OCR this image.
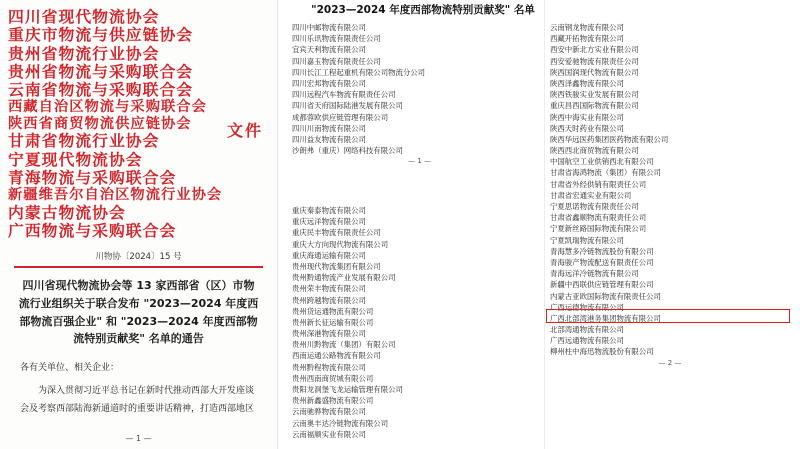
四川省现代物流协会
重庆市物流与供应链协会
贵州省物流行业协会
贵州省物流与采购联合会
云南省物流与采购联合会
西藏自治区物流与采购联合会
陕西省商贸物流供应链协会
甘肃省物流行业协会
宁夏现代物流协会
青海物流与采购联合会
新疆维吾尔自治区物流行业协会
内蒙古物流协会
广西物流与采购联合会
文件
川物协〔2024〕15 号
四川省现代物流协会等 13 家西部省（区）市物流行业组织关于联合发布 "2023—2024 年度西部物流百强企业" 和 "2023—2024 年度西部物流特别贡献奖" 名单的通告

各有关单位、相关企业：

为深入贯彻习近平总书记在新时代推动西部大开发座谈会及考察西部陆海新通道时的重要讲话精神，打造西部地区

— 1 —
"2023—2024 年度西部物流特别贡献奖" 名单
四川中邮物流有限公司
四川乐讯物流有限责任公司
宜宾天利物流有限公司
四川嘉玉物流有限责任公司
四川长江工程起重机有限公司物流分公司
四川宏邦物流有限公司
四川远程汽车物流有限责任公司
四川省天府国际陆港发展有限公司
成都蓉欧供应链管理有限公司
四川川南物流有限公司
四川益友物流有限公司
沙朗弗（重庆）网络科技有限公司
— 1 —
重庆秦泰物流有限公司
重庆远洋物流有限公司
重庆民丰物流有限责任公司
重庆大方向现代物流有限公司
重庆海通运输有限公司
贵州现代物流集团有限公司
贵州黔通物流产业发展有限公司
贵州荣丰物流有限公司
贵州跨越物流有限公司
贵州货运通物流有限公司
贵州新长征运输有限公司
贵州深港物流有限公司
贵州川黔物流（集团）有限公司
西南运通公路物流有限公司
贵州黔程物流有限公司
贵州西南商贸城有限公司
贵阳龙洞堡飞龙运输管理有限公司
贵州新鑫盛物流有限公司
云南驰骅物流有限公司
云南奥丰达冷链物流有限公司
云南福顺实业有限公司
云南钢龙物流有限公司
西藏开拓物流有限公司
西安中新北方实业有限公司
西安爱驰物流有限责任公司
陕西国润现代物流有限公司
陕西泽鑫物流有限公司
陕西铁骏实业发展有限公司
重庆昌西国际物流有限公司
陕西中海实业有限公司
陕西天时药业有限公司
陕西华远医药集团医药物流有限公司
陕西西北商贸物流有限公司
中国航空工业供销西北有限公司
甘肃省海鸿物流（集团）有限公司
甘肃省外经供销有限责任公司
甘肃省宏通实业有限公司
宁夏思诺物流有限责任公司
甘肃省鑫顺物流有限责任公司
宁夏新丝路国际物流有限公司
宁夏凯瑞物流有限公司
青海慧多冷链物流股份有限公司
青海骏产物流配送有限责任公司
青海远洋冷链物流有限公司
新疆中西联供应链管理有限公司
内蒙古亚欧国际物流有限责任公司
广西运德物流有限公司
广西北部湾港务集团物流有限公司
北部湾通物流有限公司
广西远通物流有限公司
柳州柱中海迅物流股份有限公司
— 2 —
